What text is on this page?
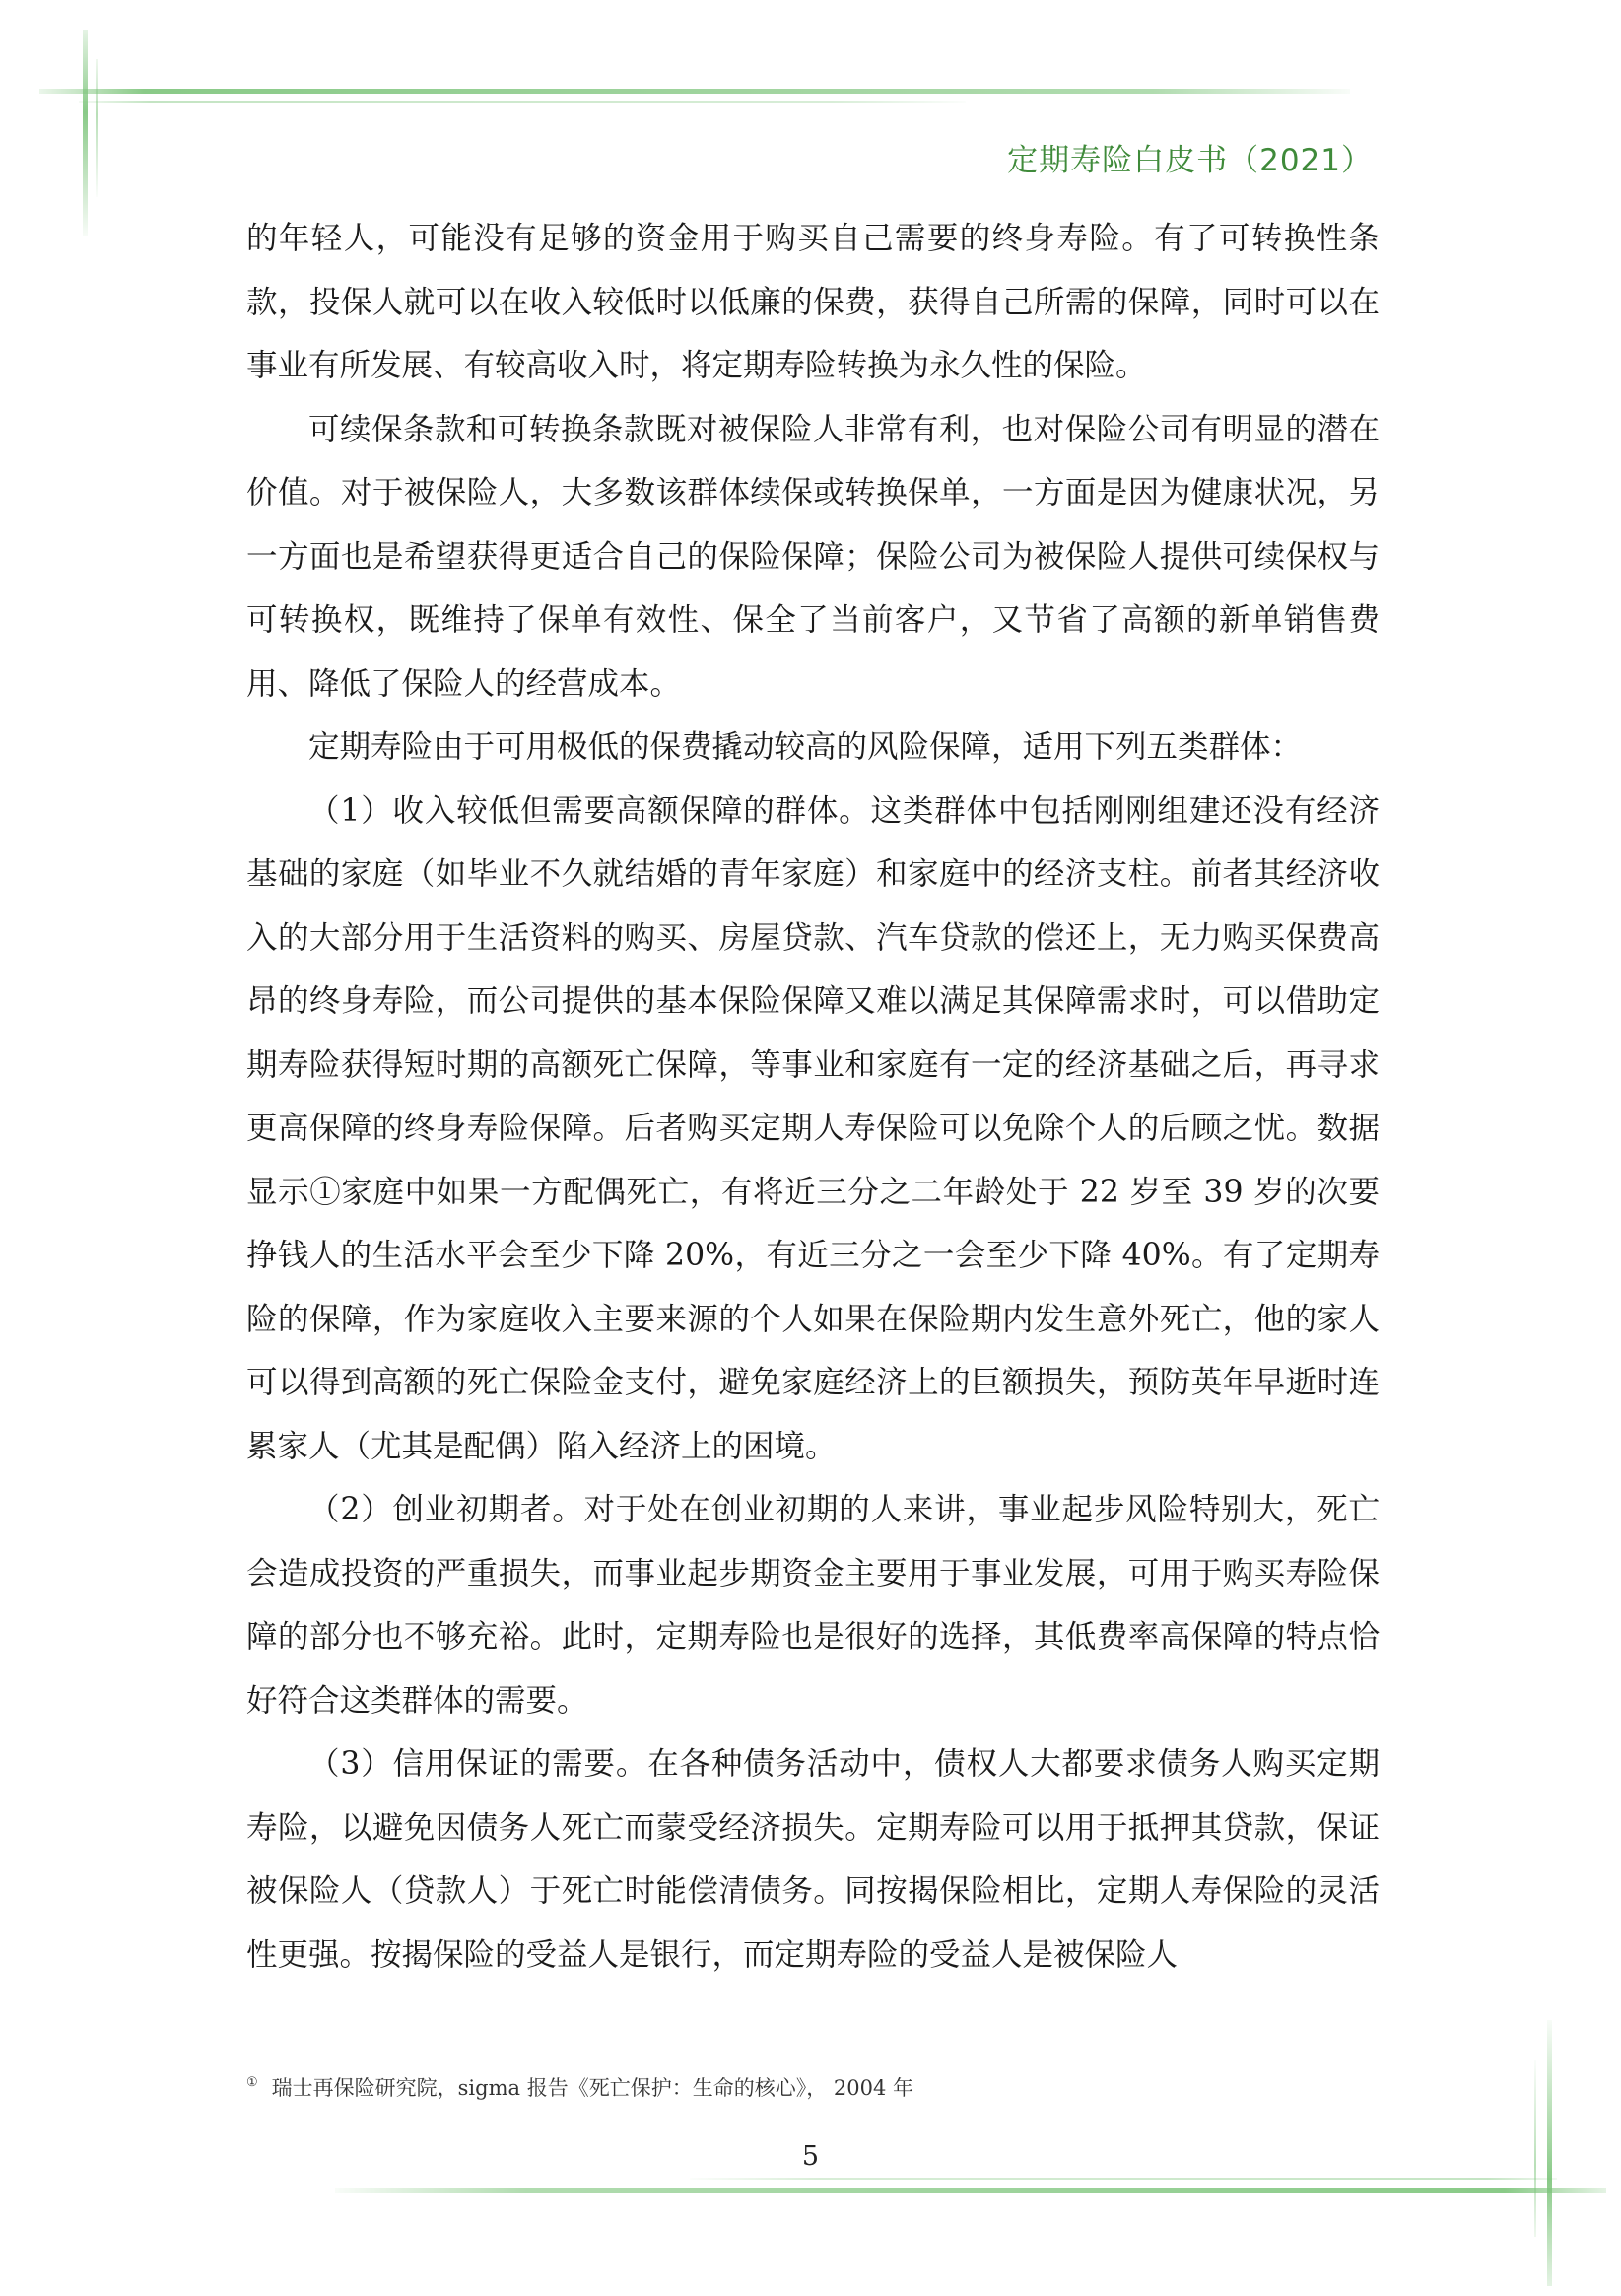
定期寿险白皮书（2021）

的年轻人，可能没有足够的资金用于购买自己需要的终身寿险。有了可转换性条款，投保人就可以在收入较低时以低廉的保费，获得自己所需的保障，同时可以在事业有所发展、有较高收入时，将定期寿险转换为永久性的保险。

可续保条款和可转换条款既对被保险人非常有利，也对保险公司有明显的潜在价值。对于被保险人，大多数该群体续保或转换保单，一方面是因为健康状况，另一方面也是希望获得更适合自己的保险保障；保险公司为被保险人提供可续保权与可转换权，既维持了保单有效性、保全了当前客户，又节省了高额的新单销售费用、降低了保险人的经营成本。

定期寿险由于可用极低的保费撬动较高的风险保障，适用下列五类群体：

（1）收入较低但需要高额保障的群体。这类群体中包括刚刚组建还没有经济基础的家庭（如毕业不久就结婚的青年家庭）和家庭中的经济支柱。前者其经济收入的大部分用于生活资料的购买、房屋贷款、汽车贷款的偿还上，无力购买保费高昂的终身寿险，而公司提供的基本保险保障又难以满足其保障需求时，可以借助定期寿险获得短时期的高额死亡保障，等事业和家庭有一定的经济基础之后，再寻求更高保障的终身寿险保障。后者购买定期人寿保险可以免除个人的后顾之忧。数据显示①家庭中如果一方配偶死亡，有将近三分之二年龄处于 22 岁至 39 岁的次要挣钱人的生活水平会至少下降 20%，有近三分之一会至少下降 40%。有了定期寿险的保障，作为家庭收入主要来源的个人如果在保险期内发生意外死亡，他的家人可以得到高额的死亡保险金支付，避免家庭经济上的巨额损失，预防英年早逝时连累家人（尤其是配偶）陷入经济上的困境。

（2）创业初期者。对于处在创业初期的人来讲，事业起步风险特别大，死亡会造成投资的严重损失，而事业起步期资金主要用于事业发展，可用于购买寿险保障的部分也不够充裕。此时，定期寿险也是很好的选择，其低费率高保障的特点恰好符合这类群体的需要。

（3）信用保证的需要。在各种债务活动中，债权人大都要求债务人购买定期寿险，以避免因债务人死亡而蒙受经济损失。定期寿险可以用于抵押其贷款，保证被保险人（贷款人）于死亡时能偿清债务。同按揭保险相比，定期人寿保险的灵活性更强。按揭保险的受益人是银行，而定期寿险的受益人是被保险人

① 瑞士再保险研究院，sigma 报告《死亡保护：生命的核心》， 2004 年
5
